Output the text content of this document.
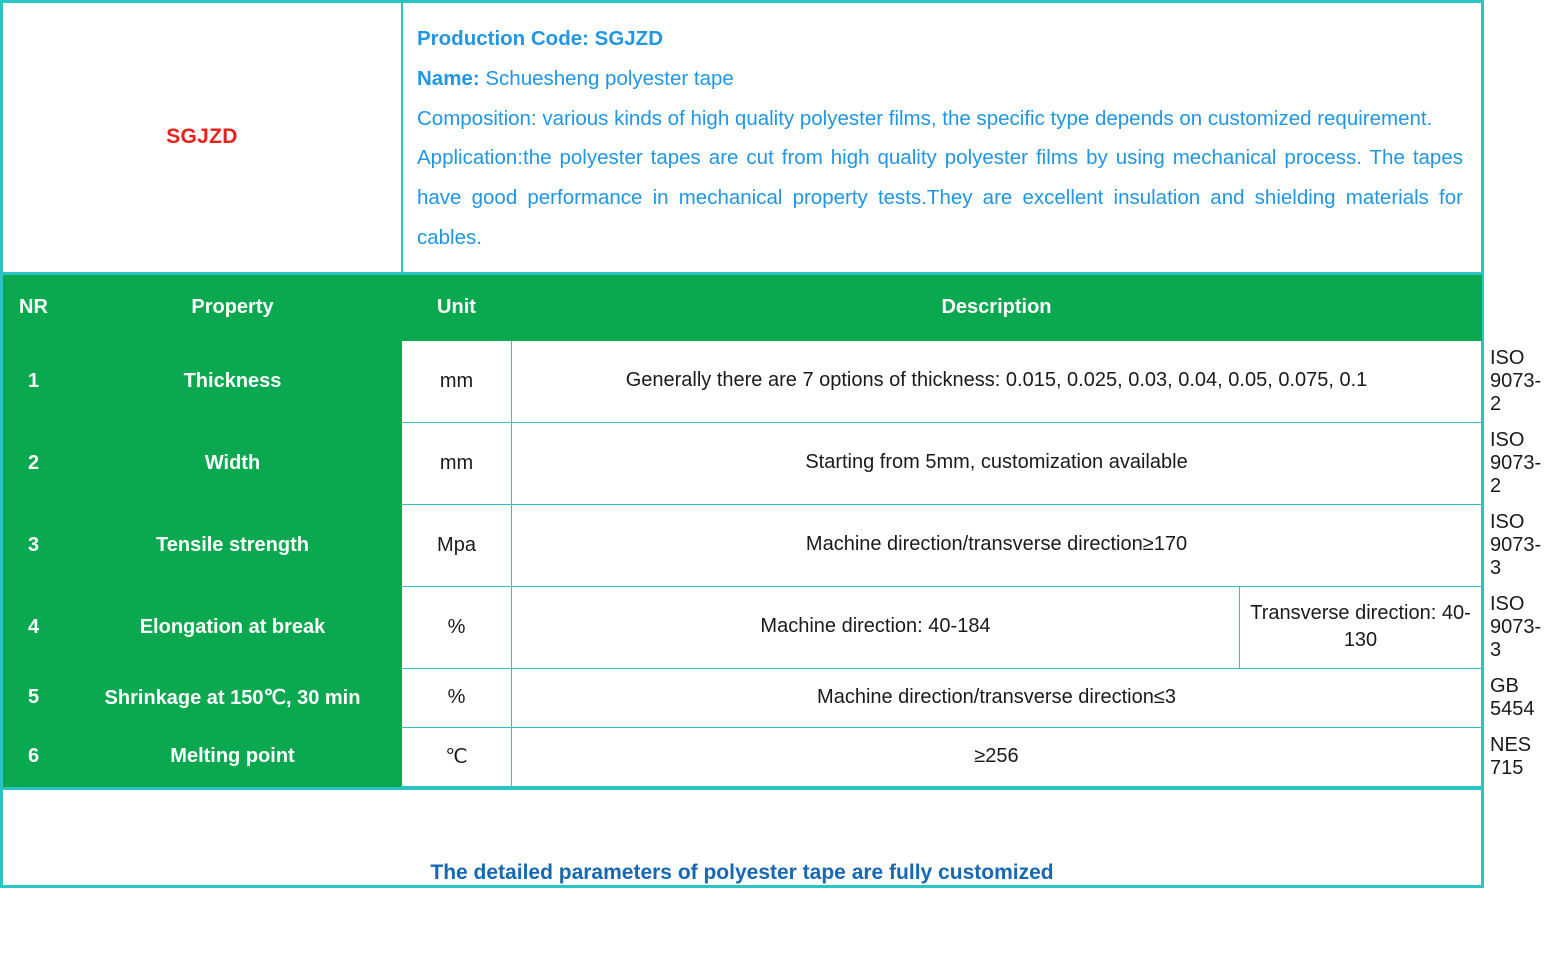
SGJZD
Production Code: SGJZD
Name: Schuesheng polyester tape
Composition: various kinds of high quality polyester films, the specific type depends on customized requirement.
Application:the polyester tapes are cut from high quality polyester films by using mechanical process. The tapes have good performance in mechanical property tests.They are excellent insulation and shielding materials for cables.
NR	Property	Unit	Description		Test method
1	Thickness	mm	Generally there are 7 options of thickness: 0.015, 0.025, 0.03, 0.04, 0.05, 0.075, 0.1		ISO 9073-2
2	Width	mm	Starting from 5mm, customization available		ISO 9073-2
3	Tensile strength	Mpa	Machine direction/transverse direction≥170		ISO 9073-3
4	Elongation at break	%	Machine direction: 40-184	Transverse direction: 40-130	ISO 9073-3
5	Shrinkage at 150℃, 30 min	%	Machine direction/transverse direction≤3		GB 5454
6	Melting point	℃	≥256		NES 715
The detailed parameters of polyester tape are fully customized
